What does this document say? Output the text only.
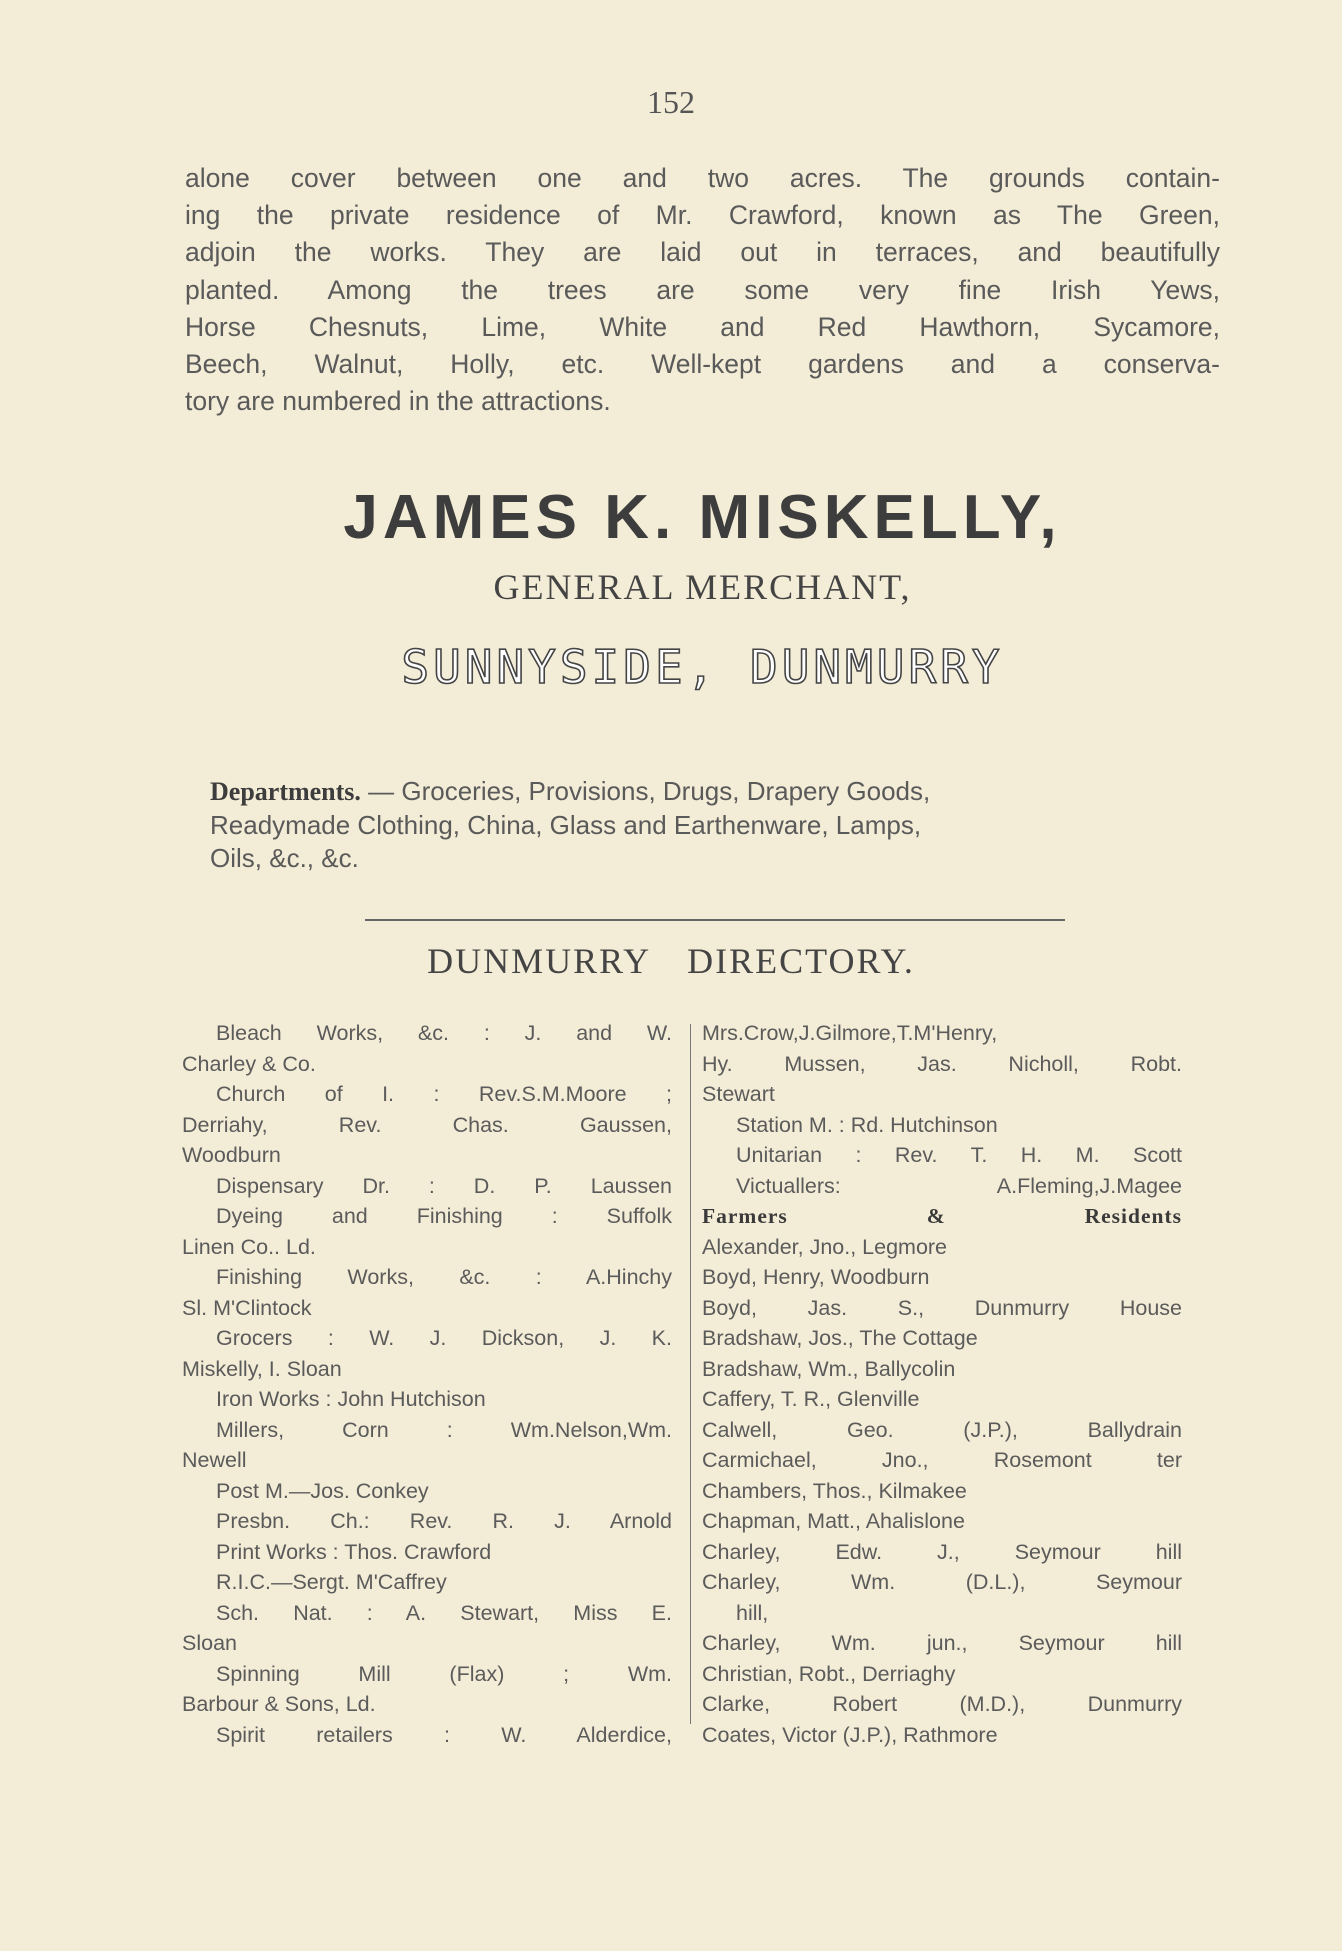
152
alone cover between one and two acres. The grounds contain-
ing the private residence of Mr. Crawford, known as The Green,
adjoin the works. They are laid out in terraces, and beautifully
planted. Among the trees are some very fine Irish Yews,
Horse Chesnuts, Lime, White and Red Hawthorn, Sycamore,
Beech, Walnut, Holly, etc. Well-kept gardens and a conserva-
tory are numbered in the attractions.
JAMES K. MISKELLY,
GENERAL MERCHANT,
SUNNYSIDE, DUNMURRY
Departments. — Groceries, Provisions, Drugs, Drapery Goods,
Readymade Clothing, China, Glass and Earthenware, Lamps,
Oils, &c., &c.
DUNMURRY DIRECTORY.
Bleach Works, &c. : J. and W.
Charley & Co.
Church of I. : Rev.S.M.Moore ;
Derriahy, Rev. Chas. Gaussen,
Woodburn
Dispensary Dr. : D. P. Laussen
Dyeing and Finishing : Suffolk
Linen Co.. Ld.
Finishing Works, &c. : A.Hinchy
Sl. M'Clintock
Grocers : W. J. Dickson, J. K.
Miskelly, I. Sloan
Iron Works : John Hutchison
Millers, Corn : Wm.Nelson,Wm.
Newell
Post M.—Jos. Conkey
Presbn. Ch.: Rev. R. J. Arnold
Print Works : Thos. Crawford
R.I.C.—Sergt. M'Caffrey
Sch. Nat. : A. Stewart, Miss E.
Sloan
Spinning Mill (Flax) ; Wm.
Barbour & Sons, Ld.
Spirit retailers : W. Alderdice,
Mrs.Crow,J.Gilmore,T.M'Henry,
Hy. Mussen, Jas. Nicholl, Robt.
Stewart
Station M. : Rd. Hutchinson
Unitarian : Rev. T. H. M. Scott
Victuallers: A.Fleming,J.Magee
Farmers & Residents
Alexander, Jno., Legmore
Boyd, Henry, Woodburn
Boyd, Jas. S., Dunmurry House
Bradshaw, Jos., The Cottage
Bradshaw, Wm., Ballycolin
Caffery, T. R., Glenville
Calwell, Geo. (J.P.), Ballydrain
Carmichael, Jno., Rosemont ter
Chambers, Thos., Kilmakee
Chapman, Matt., Ahalislone
Charley, Edw. J., Seymour hill
Charley, Wm. (D.L.), Seymour
hill,
Charley, Wm. jun., Seymour hill
Christian, Robt., Derriaghy
Clarke, Robert (M.D.), Dunmurry
Coates, Victor (J.P.), Rathmore
